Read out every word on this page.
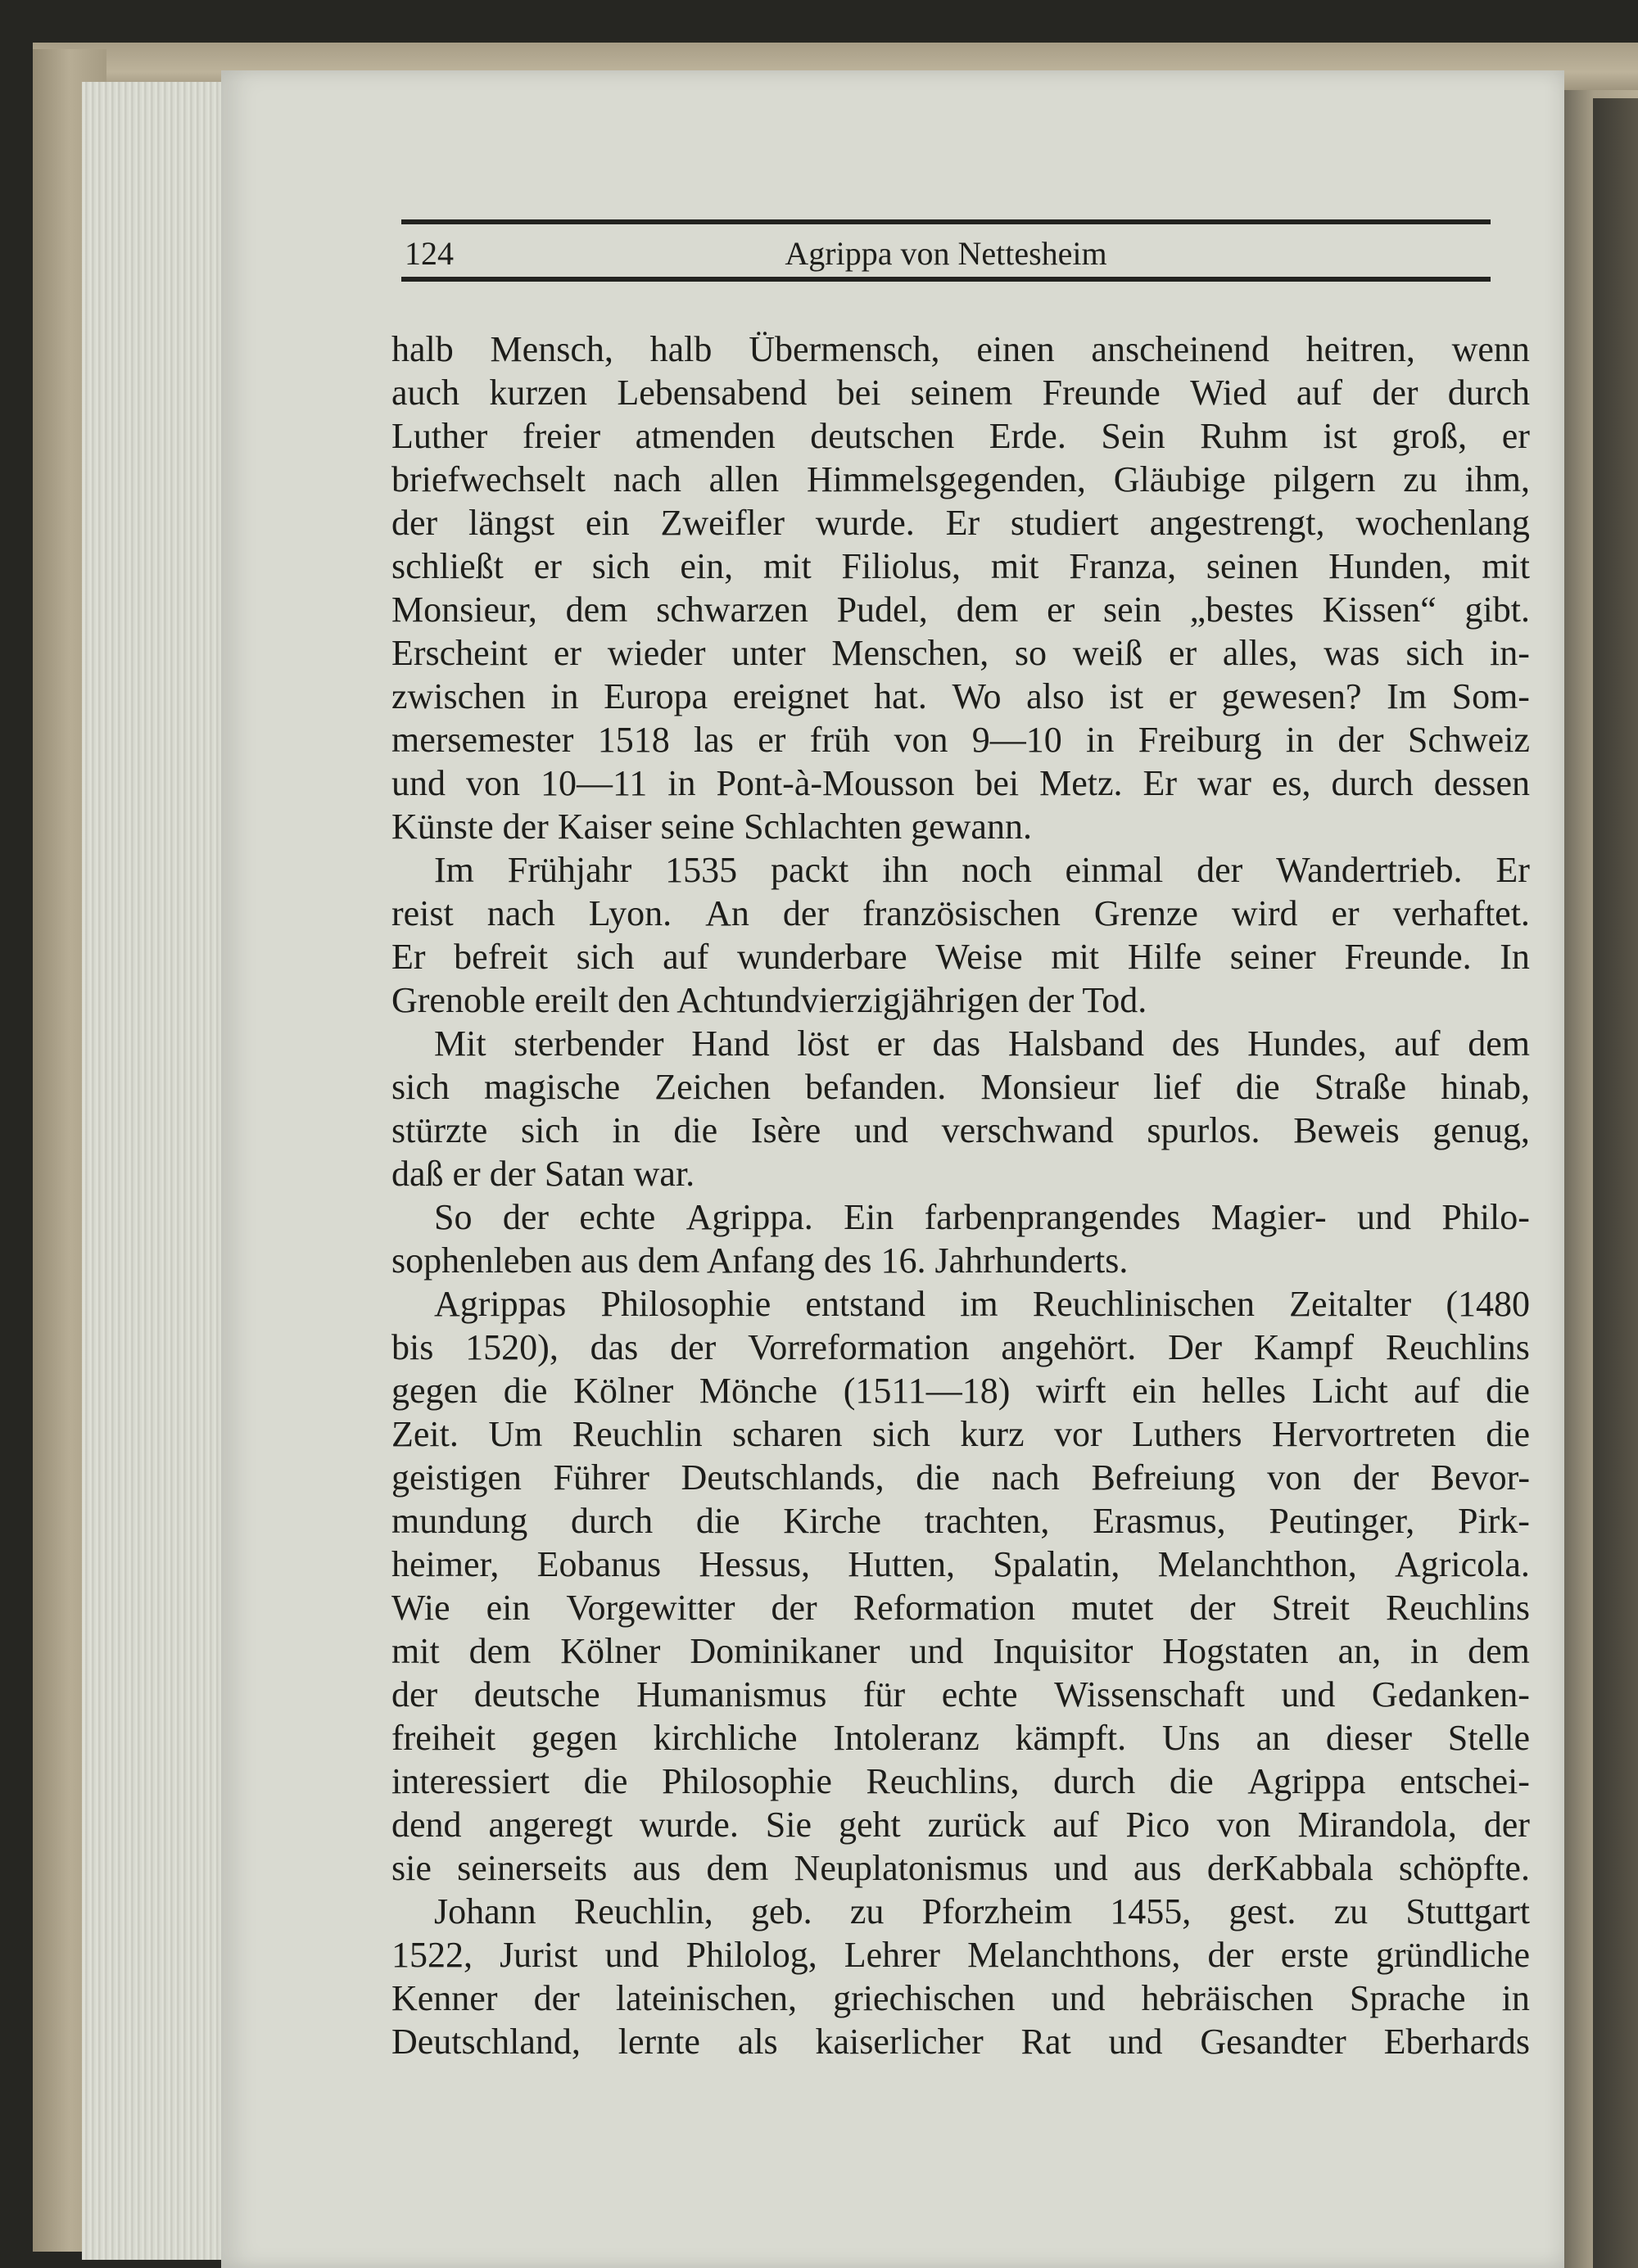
124	Agrippa von Nettesheim
halb Mensch, halb Übermensch, einen anscheinend heitren, wenn
auch kurzen Lebensabend bei seinem Freunde Wied auf der durch
Luther freier atmenden deutschen Erde. Sein Ruhm ist groß, er
briefwechselt nach allen Himmelsgegenden, Gläubige pilgern zu ihm,
der längst ein Zweifler wurde. Er studiert angestrengt, wochenlang
schließt er sich ein, mit Filiolus, mit Franza, seinen Hunden, mit
Monsieur, dem schwarzen Pudel, dem er sein „bestes Kissen“ gibt.
Erscheint er wieder unter Menschen, so weiß er alles, was sich in-
zwischen in Europa ereignet hat. Wo also ist er gewesen? Im Som-
mersemester 1518 las er früh von 9—10 in Freiburg in der Schweiz
und von 10—11 in Pont-à-Mousson bei Metz. Er war es, durch dessen
Künste der Kaiser seine Schlachten gewann.
Im Frühjahr 1535 packt ihn noch einmal der Wandertrieb. Er
reist nach Lyon. An der französischen Grenze wird er verhaftet.
Er befreit sich auf wunderbare Weise mit Hilfe seiner Freunde. In
Grenoble ereilt den Achtundvierzigjährigen der Tod.
Mit sterbender Hand löst er das Halsband des Hundes, auf dem
sich magische Zeichen befanden. Monsieur lief die Straße hinab,
stürzte sich in die Isère und verschwand spurlos. Beweis genug,
daß er der Satan war.
So der echte Agrippa. Ein farbenprangendes Magier- und Philo-
sophenleben aus dem Anfang des 16. Jahrhunderts.
Agrippas Philosophie entstand im Reuchlinischen Zeitalter (1480
bis 1520), das der Vorreformation angehört. Der Kampf Reuchlins
gegen die Kölner Mönche (1511—18) wirft ein helles Licht auf die
Zeit. Um Reuchlin scharen sich kurz vor Luthers Hervortreten die
geistigen Führer Deutschlands, die nach Befreiung von der Bevor-
mundung durch die Kirche trachten, Erasmus, Peutinger, Pirk-
heimer, Eobanus Hessus, Hutten, Spalatin, Melanchthon, Agricola.
Wie ein Vorgewitter der Reformation mutet der Streit Reuchlins
mit dem Kölner Dominikaner und Inquisitor Hogstaten an, in dem
der deutsche Humanismus für echte Wissenschaft und Gedanken-
freiheit gegen kirchliche Intoleranz kämpft. Uns an dieser Stelle
interessiert die Philosophie Reuchlins, durch die Agrippa entschei-
dend angeregt wurde. Sie geht zurück auf Pico von Mirandola, der
sie seinerseits aus dem Neuplatonismus und aus derKabbala schöpfte.
Johann Reuchlin, geb. zu Pforzheim 1455, gest. zu Stuttgart
1522, Jurist und Philolog, Lehrer Melanchthons, der erste gründliche
Kenner der lateinischen, griechischen und hebräischen Sprache in
Deutschland, lernte als kaiserlicher Rat und Gesandter Eberhards
